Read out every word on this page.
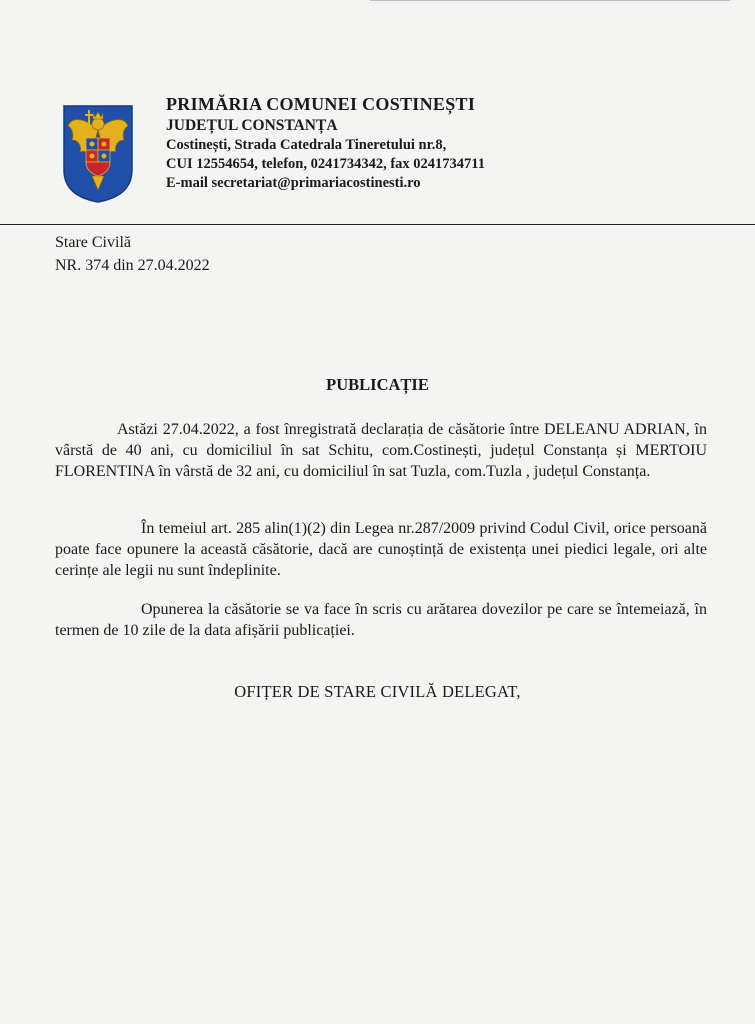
PRIMĂRIA COMUNEI COSTINEȘTI
JUDEȚUL CONSTANȚA
Costinești, Strada Catedrala Tineretului nr.8,
CUI 12554654, telefon, 0241734342, fax 0241734711
E-mail secretariat@primariacostinesti.ro
Stare Civilă
NR. 374 din 27.04.2022
PUBLICAȚIE
Astăzi 27.04.2022, a fost înregistrată declarația de căsătorie între DELEANU ADRIAN, în vârstă de 40 ani, cu domiciliul în sat Schitu, com.Costinești, județul Constanța și MERTOIU FLORENTINA în vârstă de 32 ani, cu domiciliul în sat Tuzla, com.Tuzla , județul Constanța.
În temeiul art. 285 alin(1)(2) din Legea nr.287/2009 privind Codul Civil, orice persoană poate face opunere la această căsătorie, dacă are cunoștință de existența unei piedici legale, ori alte cerințe ale legii nu sunt îndeplinite.
Opunerea la căsătorie se va face în scris cu arătarea dovezilor pe care se întemeiază, în termen de 10 zile de la data afișării publicației.
OFIȚER DE STARE CIVILĂ DELEGAT,
